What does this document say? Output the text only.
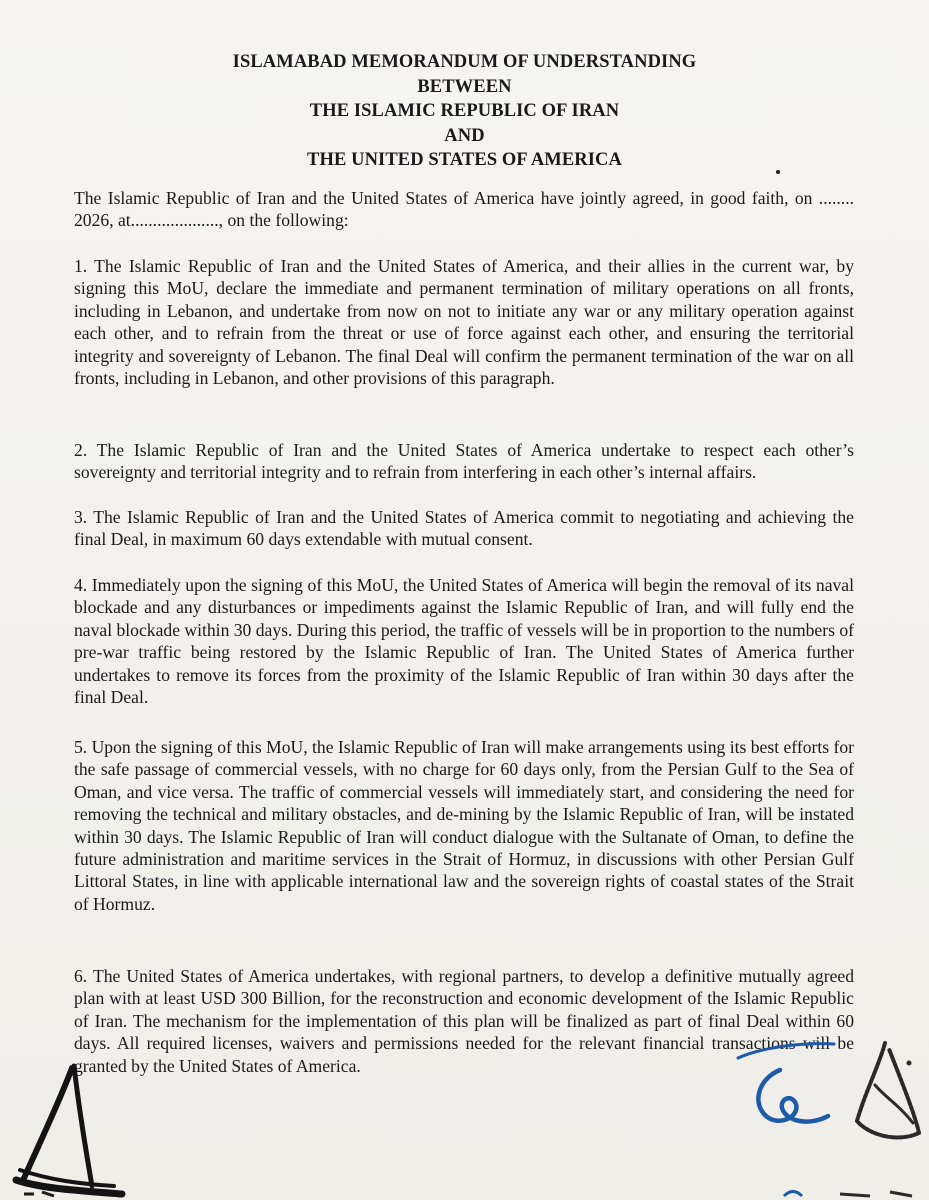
ISLAMABAD MEMORANDUM OF UNDERSTANDING
BETWEEN
THE ISLAMIC REPUBLIC OF IRAN
AND
THE UNITED STATES OF AMERICA

The Islamic Republic of Iran and the United States of America have jointly agreed, in good faith, on ........ 2026, at...................., on the following:

1. The Islamic Republic of Iran and the United States of America, and their allies in the current war, by signing this MoU, declare the immediate and permanent termination of military operations on all fronts, including in Lebanon, and undertake from now on not to initiate any war or any military operation against each other, and to refrain from the threat or use of force against each other, and ensuring the territorial integrity and sovereignty of Lebanon. The final Deal will confirm the permanent termination of the war on all fronts, including in Lebanon, and other provisions of this paragraph.

2. The Islamic Republic of Iran and the United States of America undertake to respect each other’s sovereignty and territorial integrity and to refrain from interfering in each other’s internal affairs.

3. The Islamic Republic of Iran and the United States of America commit to negotiating and achieving the final Deal, in maximum 60 days extendable with mutual consent.

4. Immediately upon the signing of this MoU, the United States of America will begin the removal of its naval blockade and any disturbances or impediments against the Islamic Republic of Iran, and will fully end the naval blockade within 30 days. During this period, the traffic of vessels will be in proportion to the numbers of pre-war traffic being restored by the Islamic Republic of Iran. The United States of America further undertakes to remove its forces from the proximity of the Islamic Republic of Iran within 30 days after the final Deal.

5. Upon the signing of this MoU, the Islamic Republic of Iran will make arrangements using its best efforts for the safe passage of commercial vessels, with no charge for 60 days only, from the Persian Gulf to the Sea of Oman, and vice versa. The traffic of commercial vessels will immediately start, and considering the need for removing the technical and military obstacles, and de-mining by the Islamic Republic of Iran, will be instated within 30 days. The Islamic Republic of Iran will conduct dialogue with the Sultanate of Oman, to define the future administration and maritime services in the Strait of Hormuz, in discussions with other Persian Gulf Littoral States, in line with applicable international law and the sovereign rights of coastal states of the Strait of Hormuz.

6. The United States of America undertakes, with regional partners, to develop a definitive mutually agreed plan with at least USD 300 Billion, for the reconstruction and economic development of the Islamic Republic of Iran. The mechanism for the implementation of this plan will be finalized as part of final Deal within 60 days. All required licenses, waivers and permissions needed for the relevant financial transactions will be granted by the United States of America.
